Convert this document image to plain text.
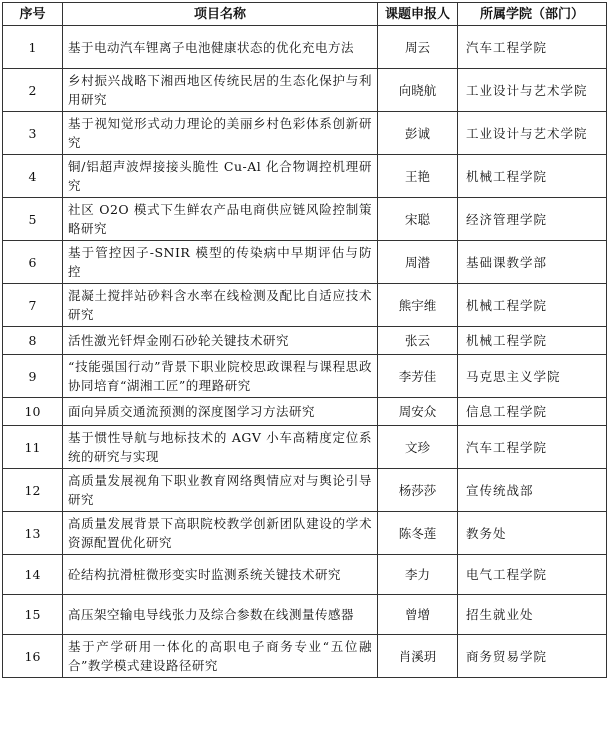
序号	项目名称	课题申报人	所属学院（部门）
1	基于电动汽车锂离子电池健康状态的优化充电方法	周云	汽车工程学院
2	乡村振兴战略下湘西地区传统民居的生态化保护与利用研究	向晓航	工业设计与艺术学院
3	基于视知觉形式动力理论的美丽乡村色彩体系创新研究	彭诚	工业设计与艺术学院
4	铜/铝超声波焊接接头脆性 Cu-Al 化合物调控机理研究	王艳	机械工程学院
5	社区 O2O 模式下生鲜农产品电商供应链风险控制策略研究	宋聪	经济管理学院
6	基于管控因子-SNIR 模型的传染病中早期评估与防控	周潜	基础课教学部
7	混凝土搅拌站砂料含水率在线检测及配比自适应技术研究	熊宇维	机械工程学院
8	活性激光钎焊金刚石砂轮关键技术研究	张云	机械工程学院
9	“技能强国行动”背景下职业院校思政课程与课程思政协同培育“湖湘工匠”的理路研究	李芳佳	马克思主义学院
10	面向异质交通流预测的深度图学习方法研究	周安众	信息工程学院
11	基于惯性导航与地标技术的 AGV 小车高精度定位系统的研究与实现	文珍	汽车工程学院
12	高质量发展视角下职业教育网络舆情应对与舆论引导研究	杨莎莎	宣传统战部
13	高质量发展背景下高职院校教学创新团队建设的学术资源配置优化研究	陈冬莲	教务处
14	砼结构抗滑桩微形变实时监测系统关键技术研究	李力	电气工程学院
15	高压架空输电导线张力及综合参数在线测量传感器	曾增	招生就业处
16	基于产学研用一体化的高职电子商务专业“五位融合”教学模式建设路径研究	肖溪玥	商务贸易学院
